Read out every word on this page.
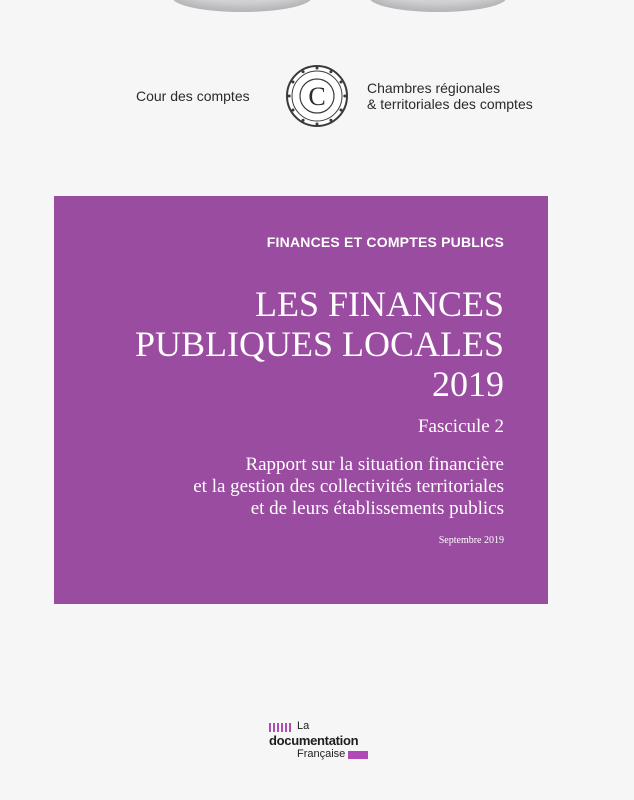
Cour des comptes	C	Chambres régionales
& territoriales des comptes
FINANCES ET COMPTES PUBLICS
LES FINANCES
PUBLIQUES LOCALES
2019
Fascicule 2
Rapport sur la situation financière
et la gestion des collectivités territoriales
et de leurs établissements publics
Septembre 2019
La
documentation
Française
